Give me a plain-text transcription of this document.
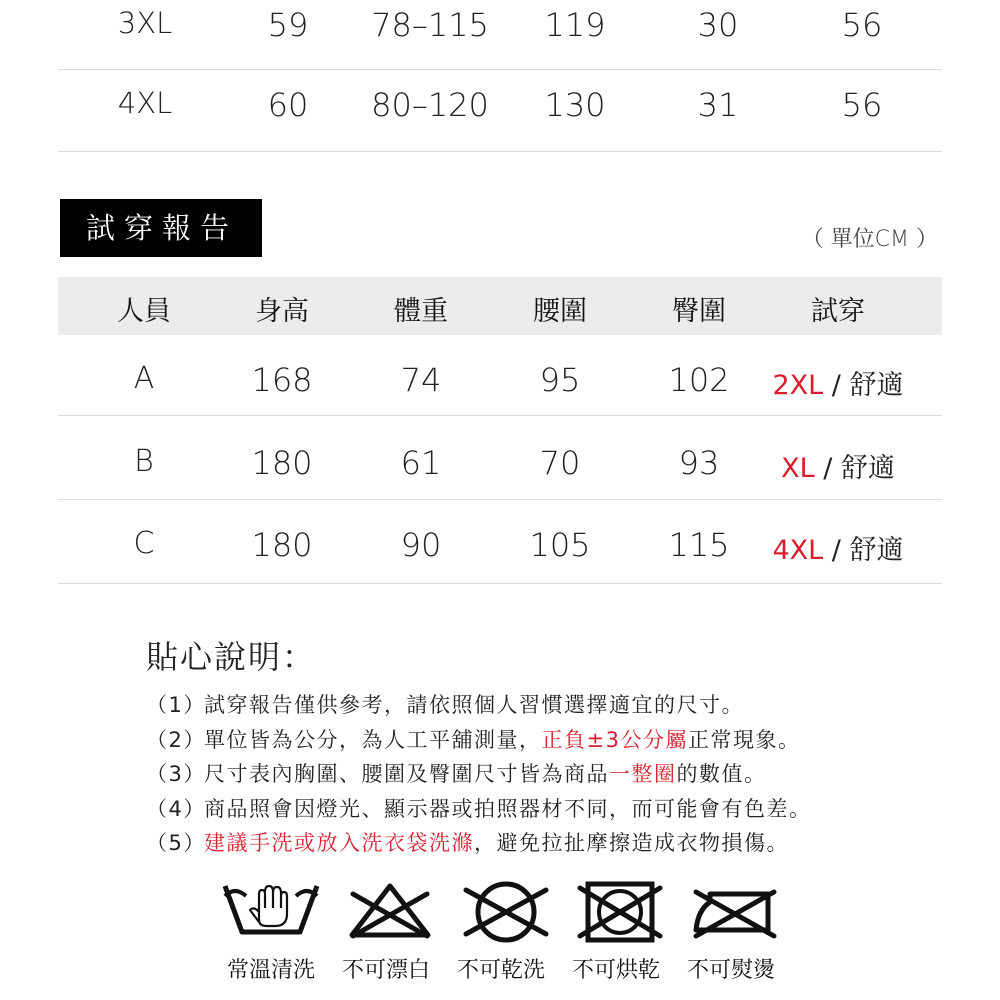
3XL	59	78–115	119	30	56
4XL	60	80–120	130	31	56
試穿報告	（ 單位CM ）
人員	身高	體重	腰圍	臀圍	試穿
A	168	74	95	102	2XL / 舒適
B	180	61	70	93	XL / 舒適
C	180	90	105	115	4XL / 舒適
貼心說明：
（1）試穿報告僅供參考，請依照個人習慣選擇適宜的尺寸。
（2）單位皆為公分，為人工平舖測量，正負±3公分屬正常現象。
（3）尺寸表內胸圍、腰圍及臀圍尺寸皆為商品一整圈的數值。
（4）商品照會因燈光、顯示器或拍照器材不同，而可能會有色差。
（5）建議手洗或放入洗衣袋洗滌，避免拉扯摩擦造成衣物損傷。
常溫清洗 不可漂白 不可乾洗 不可烘乾 不可熨燙
